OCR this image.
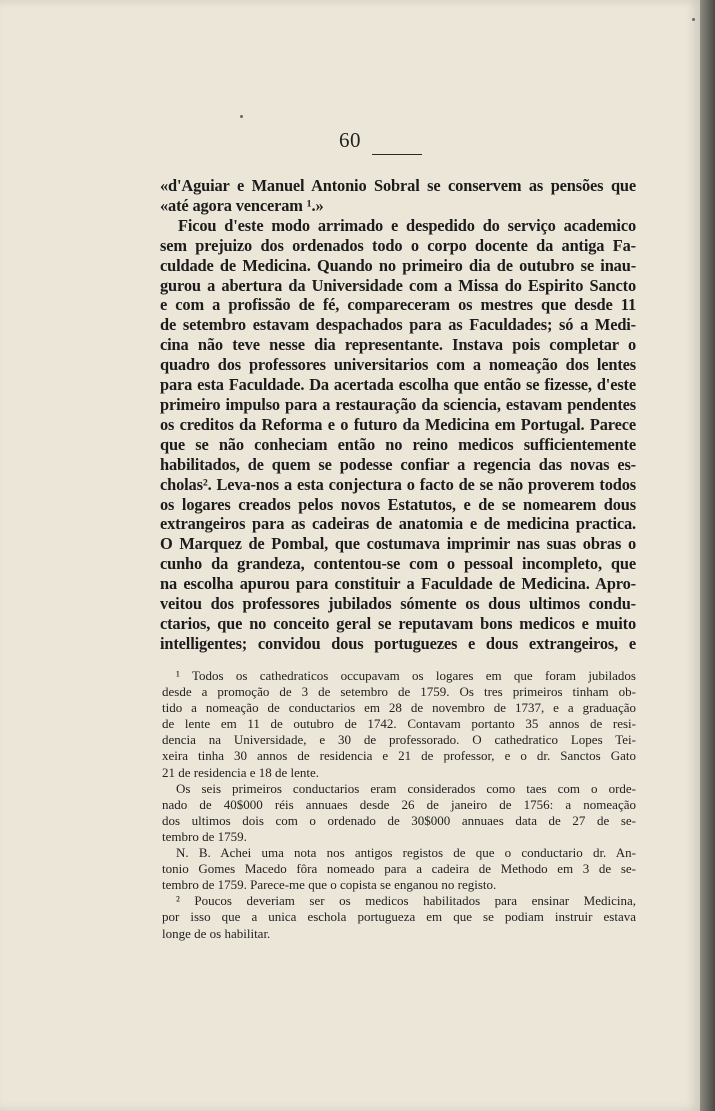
60
«d'Aguiar e Manuel Antonio Sobral se conservem as pensões que
«até agora venceram ¹.»
Ficou d'este modo arrimado e despedido do serviço academico
sem prejuizo dos ordenados todo o corpo docente da antiga Fa-
culdade de Medicina. Quando no primeiro dia de outubro se inau-
gurou a abertura da Universidade com a Missa do Espirito Sancto
e com a profissão de fé, compareceram os mestres que desde 11
de setembro estavam despachados para as Faculdades; só a Medi-
cina não teve nesse dia representante. Instava pois completar o
quadro dos professores universitarios com a nomeação dos lentes
para esta Faculdade. Da acertada escolha que então se fizesse, d'este
primeiro impulso para a restauração da sciencia, estavam pendentes
os creditos da Reforma e o futuro da Medicina em Portugal. Parece
que se não conheciam então no reino medicos sufficientemente
habilitados, de quem se podesse confiar a regencia das novas es-
cholas². Leva-nos a esta conjectura o facto de se não proverem todos
os logares creados pelos novos Estatutos, e de se nomearem dous
extrangeiros para as cadeiras de anatomia e de medicina practica.
O Marquez de Pombal, que costumava imprimir nas suas obras o
cunho da grandeza, contentou-se com o pessoal incompleto, que
na escolha apurou para constituir a Faculdade de Medicina. Apro-
veitou dos professores jubilados sómente os dous ultimos condu-
ctarios, que no conceito geral se reputavam bons medicos e muito
intelligentes; convidou dous portuguezes e dous extrangeiros, e
¹ Todos os cathedraticos occupavam os logares em que foram jubilados
desde a promoção de 3 de setembro de 1759. Os tres primeiros tinham ob-
tido a nomeação de conductarios em 28 de novembro de 1737, e a graduação
de lente em 11 de outubro de 1742. Contavam portanto 35 annos de resi-
dencia na Universidade, e 30 de professorado. O cathedratico Lopes Tei-
xeira tinha 30 annos de residencia e 21 de professor, e o dr. Sanctos Gato
21 de residencia e 18 de lente.
Os seis primeiros conductarios eram considerados como taes com o orde-
nado de 40$000 réis annuaes desde 26 de janeiro de 1756: a nomeação
dos ultimos dois com o ordenado de 30$000 annuaes data de 27 de se-
tembro de 1759.
N. B. Achei uma nota nos antigos registos de que o conductario dr. An-
tonio Gomes Macedo fôra nomeado para a cadeira de Methodo em 3 de se-
tembro de 1759. Parece-me que o copista se enganou no registo.
² Poucos deveriam ser os medicos habilitados para ensinar Medicina,
por isso que a unica eschola portugueza em que se podiam instruir estava
longe de os habilitar.
